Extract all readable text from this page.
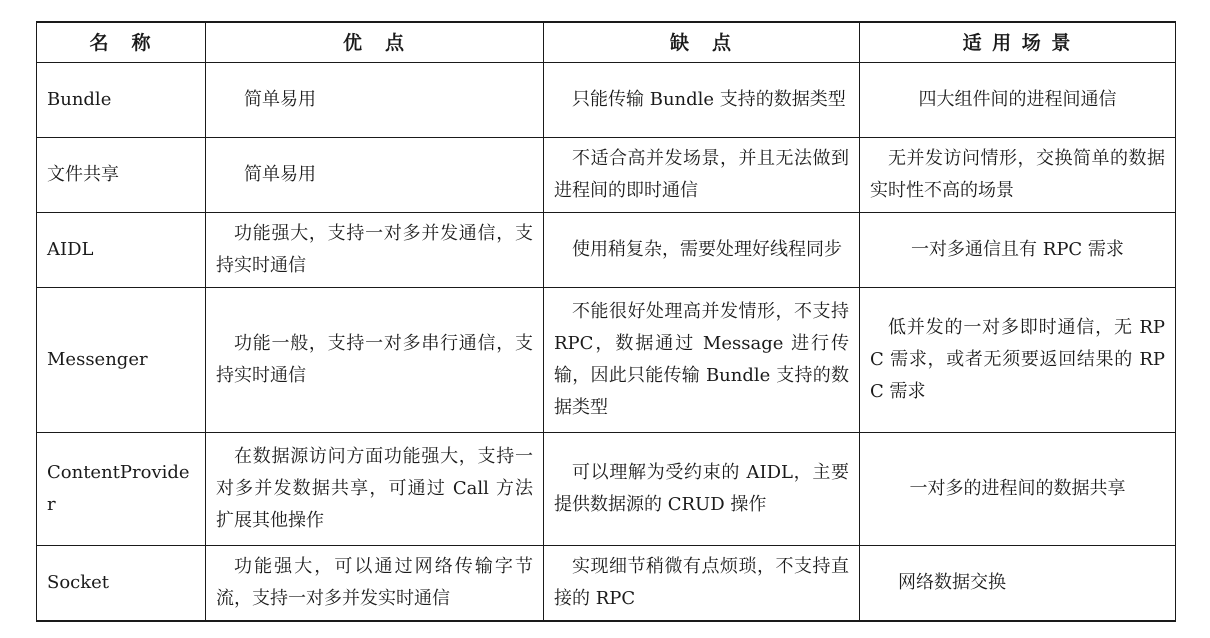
名　称	优　点	缺　点	适 用 场 景
Bundle	简单易用	只能传输 Bundle 支持的数据类型	四大组件间的进程间通信
文件共享	简单易用	不适合高并发场景，并且无法做到进程间的即时通信	无并发访问情形，交换简单的数据实时性不高的场景
AIDL	功能强大，支持一对多并发通信，支持实时通信	使用稍复杂，需要处理好线程同步	一对多通信且有 RPC 需求
Messenger	功能一般，支持一对多串行通信，支持实时通信	不能很好处理高并发情形，不支持 RPC，数据通过 Message 进行传输，因此只能传输 Bundle 支持的数据类型	低并发的一对多即时通信，无 RPC 需求，或者无须要返回结果的 RPC 需求
ContentProvider	在数据源访问方面功能强大，支持一对多并发数据共享，可通过 Call 方法扩展其他操作	可以理解为受约束的 AIDL，主要提供数据源的 CRUD 操作	一对多的进程间的数据共享
Socket	功能强大，可以通过网络传输字节流，支持一对多并发实时通信	实现细节稍微有点烦琐，不支持直接的 RPC	网络数据交换
